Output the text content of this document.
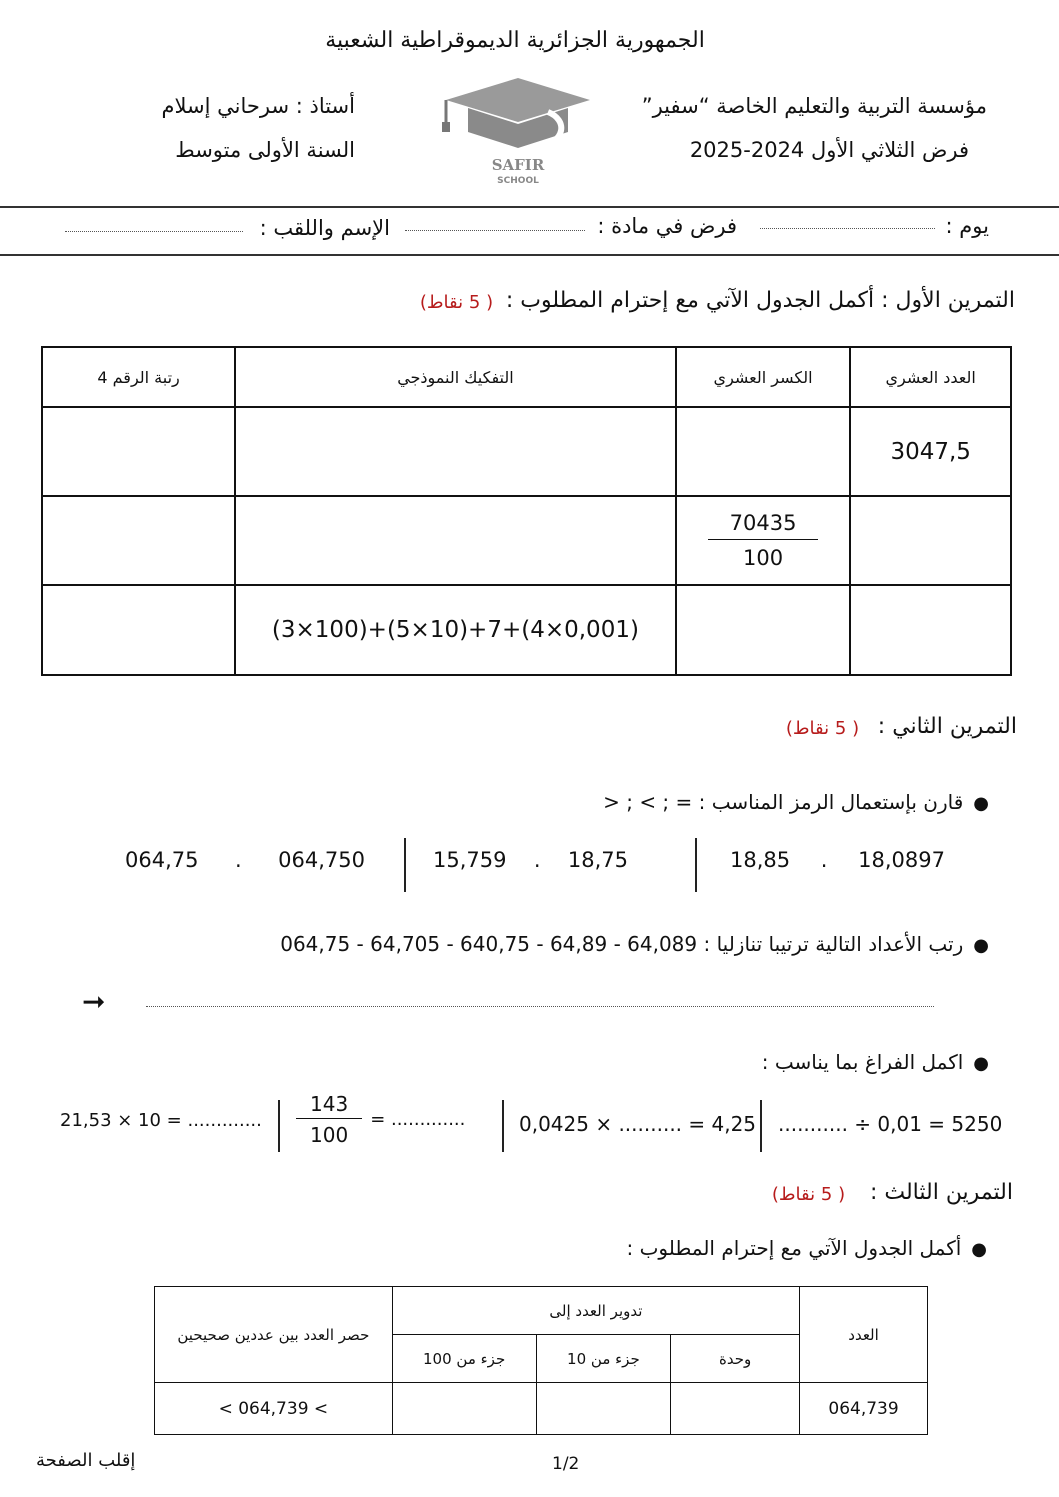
الجمهورية الجزائرية الديموقراطية الشعبية
مؤسسة التربية والتعليم الخاصة “سفير”
فرض الثلاثي الأول 2024-2025
أستاذ : سرحاني إسلام
السنة الأولى متوسط
SAFIR
SCHOOL
يوم :
فرض في مادة :
الإسم واللقب :
التمرين الأول : أكمل الجدول الآتي مع إحترام المطلوب :
( 5 نقاط)
رتبة الرقم 4	التفكيك النموذجي	الكسر العشري	العدد العشري
			3047,5

		$\frac{70435}{100}$

	(3×100)+(5×10)+7+(4×0,001)		
التمرين الثاني :
( 5 نقاط)
●قارن بإستعمال الرمز المناسب : = ; > ; <
18,85 . 18,0897
15,759 . 18,75
064,75 . 064,750
●رتب الأعداد التالية ترتيبا تنازليا : 064,75 - 64,705 - 640,75 - 64,89 - 64,089
➞
●اكمل الفراغ بما يناسب :
........... ÷ 0,01 = 5250
0,0425 × .......... = 4,25
$\frac{143}{100}$ = .............
21,53 × 10 = .............
التمرين الثالث :
( 5 نقاط)
●أكمل الجدول الآتي مع إحترام المطلوب :
حصر العدد بين عددين صحيحين	تدوير العدد إلى			العدد
	جزء من 100	جزء من 10	وحدة	
< 064,739 <				064,739
1/2
إقلب الصفحة
